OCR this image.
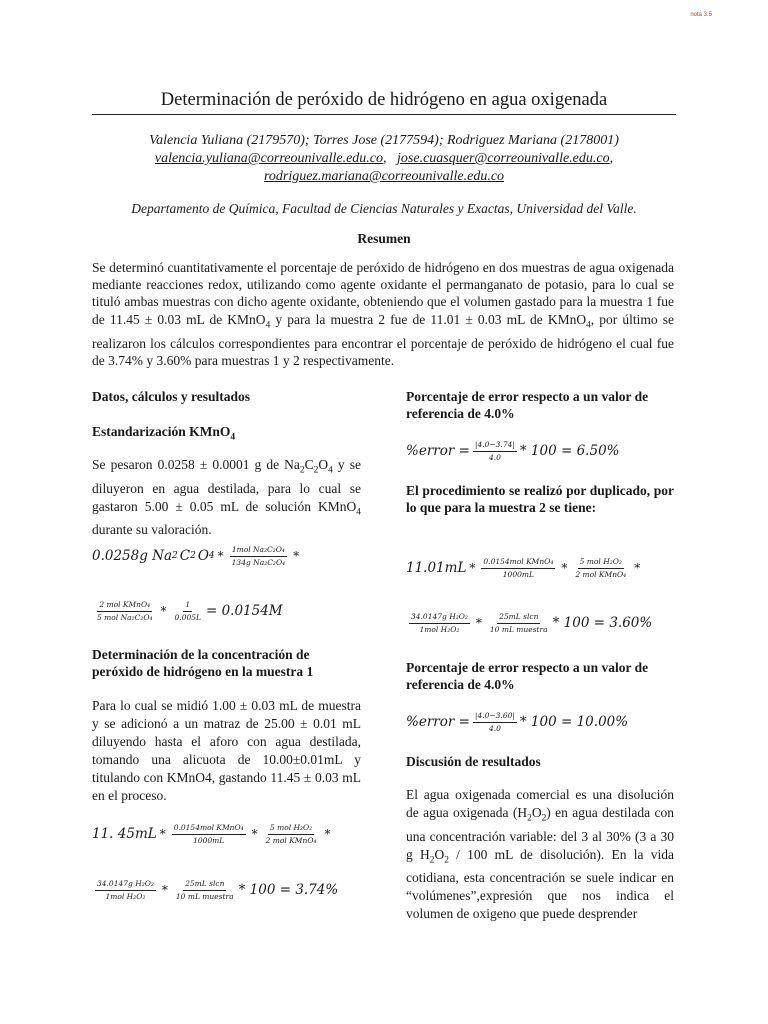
nota 3.5
Determinación de peróxido de hidrógeno en agua oxigenada
Valencia Yuliana (2179570); Torres Jose (2177594); Rodriguez Mariana (2178001)
valencia.yuliana@correounivalle.edu.co,   jose.cuasquer@correounivalle.edu.co,
rodriguez.mariana@correounivalle.edu.co
Departamento de Química, Facultad de Ciencias Naturales y Exactas, Universidad del Valle.
Resumen
Se determinó cuantitativamente el porcentaje de peróxido de hidrógeno en dos muestras de agua oxigenada mediante reacciones redox, utilizando como agente oxidante el permanganato de potasio, para lo cual se tituló ambas muestras con dicho agente oxidante, obteniendo que el volumen gastado para la muestra 1 fue de 11.45 ± 0.03 mL de KMnO$_4$ y para la muestra 2 fue de 11.01 ± 0.03 mL de KMnO$_4$, por último se realizaron los cálculos correspondientes para encontrar el porcentaje de peróxido de hidrógeno el cual fue de 3.74% y 3.60% para muestras 1 y 2 respectivamente.
Datos, cálculos y resultados
Estandarización KMnO$_4$
Se pesaron 0.0258 ± 0.0001 g de $Na_2C_2O_4$ y se diluyeron en agua destilada, para lo cual se gastaron 5.00 ± 0.05 mL de solución KMnO$_4$ durante su valoración.
0.0258g Na 2 C 2 O 4 * 1mol Na₂C₂O₄
134g Na₂C₂O₄ *
2 mol KMnO₄
5 mol $Na_2C_2O_4 * \frac{1}{0.005L} = 0.0154M$
Determinación de la concentración de peróxido de hidrógeno en la muestra 1
Para lo cual se midió 1.00 ± 0.03 mL de muestra y se adicionó a un matraz de 25.00 ± 0.01 mL diluyendo hasta el aforo con agua destilada, tomando una alicuota de 10.00±0.01mL y titulando con KMnO4, gastando 11.45 ± 0.03 mL en el proceso.
11. 45mL * 0.0154mol KMnO₄
1000mL * 5 mol H₂O₂
2 mol KMnO₄ *
34.0147g H₂O₂
1mol H₂O₂ * 25mL slcn
10 mL muestra * 100 = 3.74%
Porcentaje de error respecto a un valor de referencia de 4.0%
%error = $\frac{|4.0-3.74|}{4.0} * 100 = 6.50\%$
El procedimiento se realizó por duplicado, por lo que para la muestra 2 se tiene:
11.01mL * 0.0154mol KMnO₄
1000mL * 5 mol H₂O₂
2 mol KMnO₄ *
34.0147g H₂O₂
1mol H₂O₂ * 25mL slcn
10 mL muestra * 100 = 3.60%
Porcentaje de error respecto a un valor de referencia de 4.0%
%error = $\frac{|4.0-3.60|}{4.0} * 100 = 10.00\%$
Discusión de resultados
El agua oxigenada comercial es una disolución de agua oxigenada $(H_2O_2)$ en agua destilada con una concentración variable: del 3 al 30% (3 a 30 g $H_2O_2 / 100$ mL de disolución). En la vida cotidiana, esta concentración se suele indicar en “volúmenes”,expresión que nos indica el volumen de oxigeno que puede desprender
